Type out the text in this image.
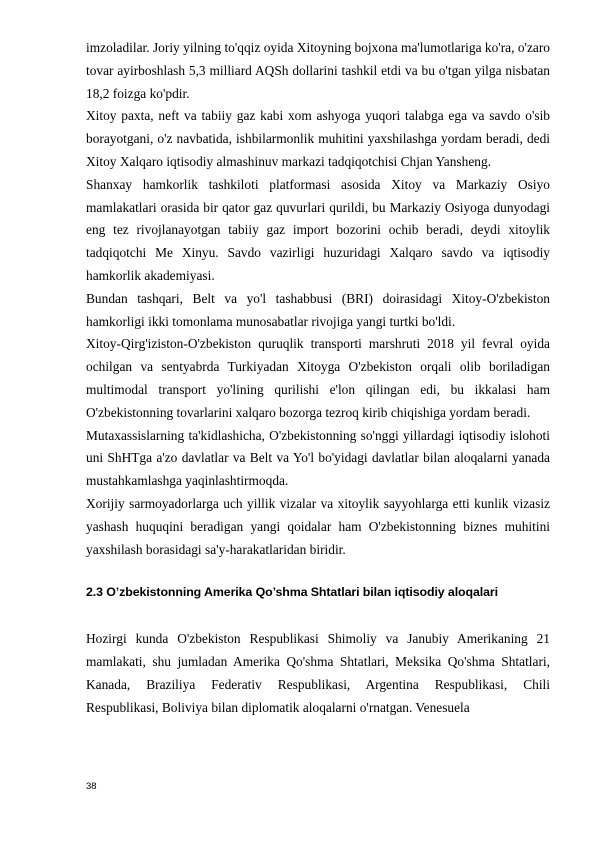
imzoladilar. Joriy yilning to'qqiz oyida Xitoyning bojxona ma'lumotlariga ko'ra, o'zaro tovar ayirboshlash 5,3 milliard AQSh dollarini tashkil etdi va bu o'tgan yilga nisbatan 18,2 foizga ko'pdir.

Xitoy paxta, neft va tabiiy gaz kabi xom ashyoga yuqori talabga ega va savdo o'sib borayotgani, o'z navbatida, ishbilarmonlik muhitini yaxshilashga yordam beradi, dedi Xitoy Xalqaro iqtisodiy almashinuv markazi tadqiqotchisi Chjan Yansheng.

Shanxay hamkorlik tashkiloti platformasi asosida Xitoy va Markaziy Osiyo mamlakatlari orasida bir qator gaz quvurlari qurildi, bu Markaziy Osiyoga dunyodagi eng tez rivojlanayotgan tabiiy gaz import bozorini ochib beradi, deydi xitoylik tadqiqotchi Me Xinyu. Savdo vazirligi huzuridagi Xalqaro savdo va iqtisodiy hamkorlik akademiyasi.

Bundan tashqari, Belt va yo'l tashabbusi (BRI) doirasidagi Xitoy-O'zbekiston hamkorligi ikki tomonlama munosabatlar rivojiga yangi turtki bo'ldi.

Xitoy-Qirg'iziston-O'zbekiston quruqlik transporti marshruti 2018 yil fevral oyida ochilgan va sentyabrda Turkiyadan Xitoyga O'zbekiston orqali olib boriladigan multimodal transport yo'lining qurilishi e'lon qilingan edi, bu ikkalasi ham O'zbekistonning tovarlarini xalqaro bozorga tezroq kirib chiqishiga yordam beradi.

Mutaxassislarning ta'kidlashicha, O'zbekistonning so'nggi yillardagi iqtisodiy islohoti uni ShHTga a'zo davlatlar va Belt va Yo'l bo'yidagi davlatlar bilan aloqalarni yanada mustahkamlashga yaqinlashtirmoqda.

Xorijiy sarmoyadorlarga uch yillik vizalar va xitoylik sayyohlarga etti kunlik vizasiz yashash huquqini beradigan yangi qoidalar ham O'zbekistonning biznes muhitini yaxshilash borasidagi sa'y-harakatlaridan biridir.

2.3 O’zbekistonning Amerika Qo’shma Shtatlari bilan iqtisodiy aloqalari

Hozirgi kunda O'zbekiston Respublikasi Shimoliy va Janubiy Amerikaning 21 mamlakati, shu jumladan Amerika Qo'shma Shtatlari, Meksika Qo'shma Shtatlari, Kanada, Braziliya Federativ Respublikasi, Argentina Respublikasi, Chili Respublikasi, Boliviya bilan diplomatik aloqalarni o'rnatgan. Venesuela

38
